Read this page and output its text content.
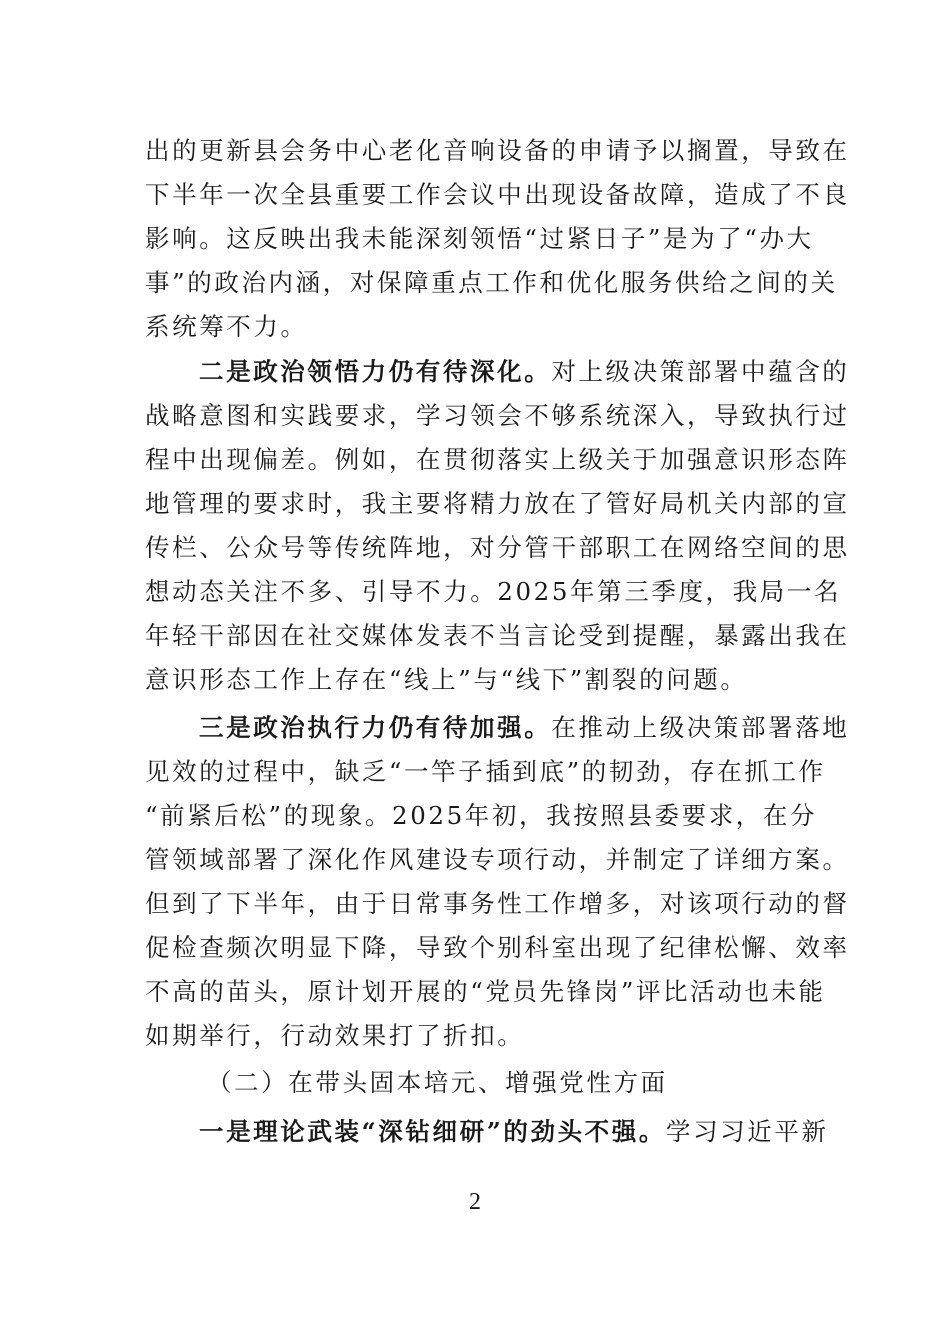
出的更新县会务中心老化音响设备的申请予以搁置，导致在
下半年一次全县重要工作会议中出现设备故障，造成了不良
影响。这反映出我未能深刻领悟“过紧日子”是为了“办大
事”的政治内涵，对保障重点工作和优化服务供给之间的关
系统筹不力。
二是政治领悟力仍有待深化。对上级决策部署中蕴含的
战略意图和实践要求，学习领会不够系统深入，导致执行过
程中出现偏差。例如，在贯彻落实上级关于加强意识形态阵
地管理的要求时，我主要将精力放在了管好局机关内部的宣
传栏、公众号等传统阵地，对分管干部职工在网络空间的思
想动态关注不多、引导不力。2025年第三季度，我局一名
年轻干部因在社交媒体发表不当言论受到提醒，暴露出我在
意识形态工作上存在“线上”与“线下”割裂的问题。
三是政治执行力仍有待加强。在推动上级决策部署落地
见效的过程中，缺乏“一竿子插到底”的韧劲，存在抓工作
“前紧后松”的现象。2025年初，我按照县委要求，在分
管领域部署了深化作风建设专项行动，并制定了详细方案。
但到了下半年，由于日常事务性工作增多，对该项行动的督
促检查频次明显下降，导致个别科室出现了纪律松懈、效率
不高的苗头，原计划开展的“党员先锋岗”评比活动也未能
如期举行，行动效果打了折扣。
（二）在带头固本培元、增强党性方面
一是理论武装“深钻细研”的劲头不强。学习习近平新
2
